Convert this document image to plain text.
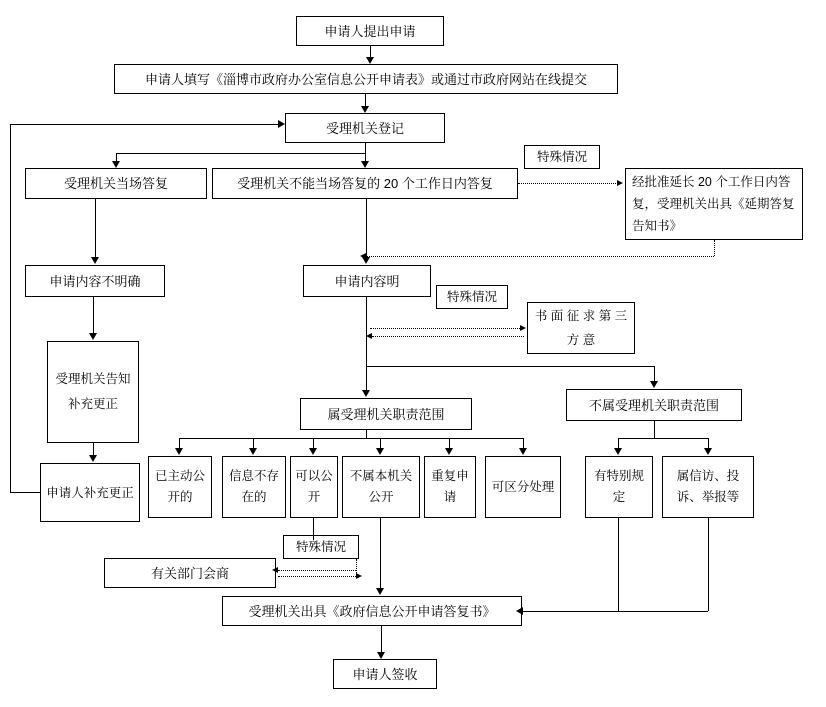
申请人提出申请
申请人填写《淄博市政府办公室信息公开申请表》或通过市政府网站在线提交
受理机关登记
受理机关当场答复	受理机关不能当场答复的 20 个工作日内答复	经批准延长 20 个工作日内答复，受理机关出具《延期答复告知书》
申请内容不明确	申请内容明
书 面 征 求 第 三 方 意
受理机关告知补充更正
申请人补充更正
属受理机关职责范围
不属受理机关职责范围
已主动公开的
信息不存在的
可以公开
不属本机关公开
重复申请
可区分处理
有特别规定
属信访、投诉、举报等
有关部门会商
受理机关出具《政府信息公开申请答复书》
申请人签收
特殊情况
特殊情况
特殊情况
